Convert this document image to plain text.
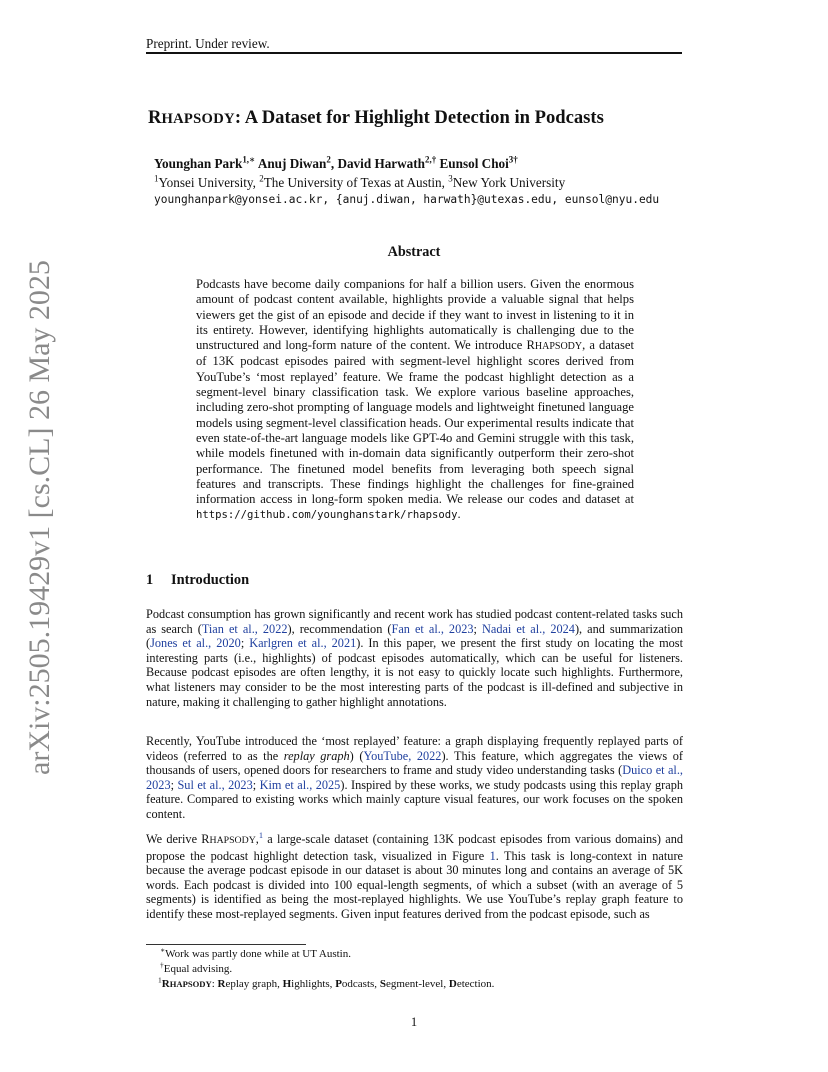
Preprint. Under review.
arXiv:2505.19429v1 [cs.CL] 26 May 2025
RHAPSODY: A Dataset for Highlight Detection in Podcasts
Younghan Park$^{1,∗}$ Anuj Diwan$^2$, David Harwath$^{2,\dagger}$ Eunsol Choi$^{3\dagger}$
$^1$Yonsei University, $^2$The University of Texas at Austin, $^3$New York University
younghanpark@yonsei.ac.kr, {anuj.diwan, harwath}@utexas.edu, eunsol@nyu.edu
Abstract
Podcasts have become daily companions for half a billion users. Given the enormous amount of podcast content available, highlights provide a valuable signal that helps viewers get the gist of an episode and decide if they want to invest in listening to it in its entirety. However, identifying highlights automatically is challenging due to the unstructured and long-form nature of the content. We introduce RHAPSODY, a dataset of 13K podcast episodes paired with segment-level highlight scores derived from YouTube’s ‘most replayed’ feature. We frame the podcast highlight detection as a segment-level binary classification task. We explore various baseline approaches, including zero-shot prompting of language models and lightweight finetuned language models using segment-level classification heads. Our experimental results indicate that even state-of-the-art language models like GPT-4o and Gemini struggle with this task, while models finetuned with in-domain data significantly outperform their zero-shot performance. The finetuned model benefits from leveraging both speech signal features and transcripts. These findings highlight the challenges for fine-grained information access in long-form spoken media. We release our codes and dataset at https://github.com/younghanstark/rhapsody.
1 Introduction
Podcast consumption has grown significantly and recent work has studied podcast content-related tasks such as search (Tian et al., 2022), recommendation (Fan et al., 2023; Nadai et al., 2024), and summarization (Jones et al., 2020; Karlgren et al., 2021). In this paper, we present the first study on locating the most interesting parts (i.e., highlights) of podcast episodes automatically, which can be useful for listeners. Because podcast episodes are often lengthy, it is not easy to quickly locate such highlights. Furthermore, what listeners may consider to be the most interesting parts of the podcast is ill-defined and subjective in nature, making it challenging to gather highlight annotations.
Recently, YouTube introduced the ‘most replayed’ feature: a graph displaying frequently replayed parts of videos (referred to as the replay graph) (YouTube, 2022). This feature, which aggregates the views of thousands of users, opened doors for researchers to frame and study video understanding tasks (Duico et al., 2023; Sul et al., 2023; Kim et al., 2025). Inspired by these works, we study podcasts using this replay graph feature. Compared to existing works which mainly capture visual features, our work focuses on the spoken content.
We derive RHAPSODY,$^1$ a large-scale dataset (containing 13K podcast episodes from various domains) and propose the podcast highlight detection task, visualized in Figure 1. This task is long-context in nature because the average podcast episode in our dataset is about 30 minutes long and contains an average of 5K words. Each podcast is divided into 100 equal-length segments, of which a subset (with an average of 5 segments) is identified as being the most-replayed highlights. We use YouTube’s replay graph feature to identify these most-replayed segments. Given input features derived from the podcast episode, such as
∗Work was partly done while at UT Austin.
†Equal advising.
$^1$RHAPSODY: Replay graph, Highlights, Podcasts, Segment-level, Detection.
1
